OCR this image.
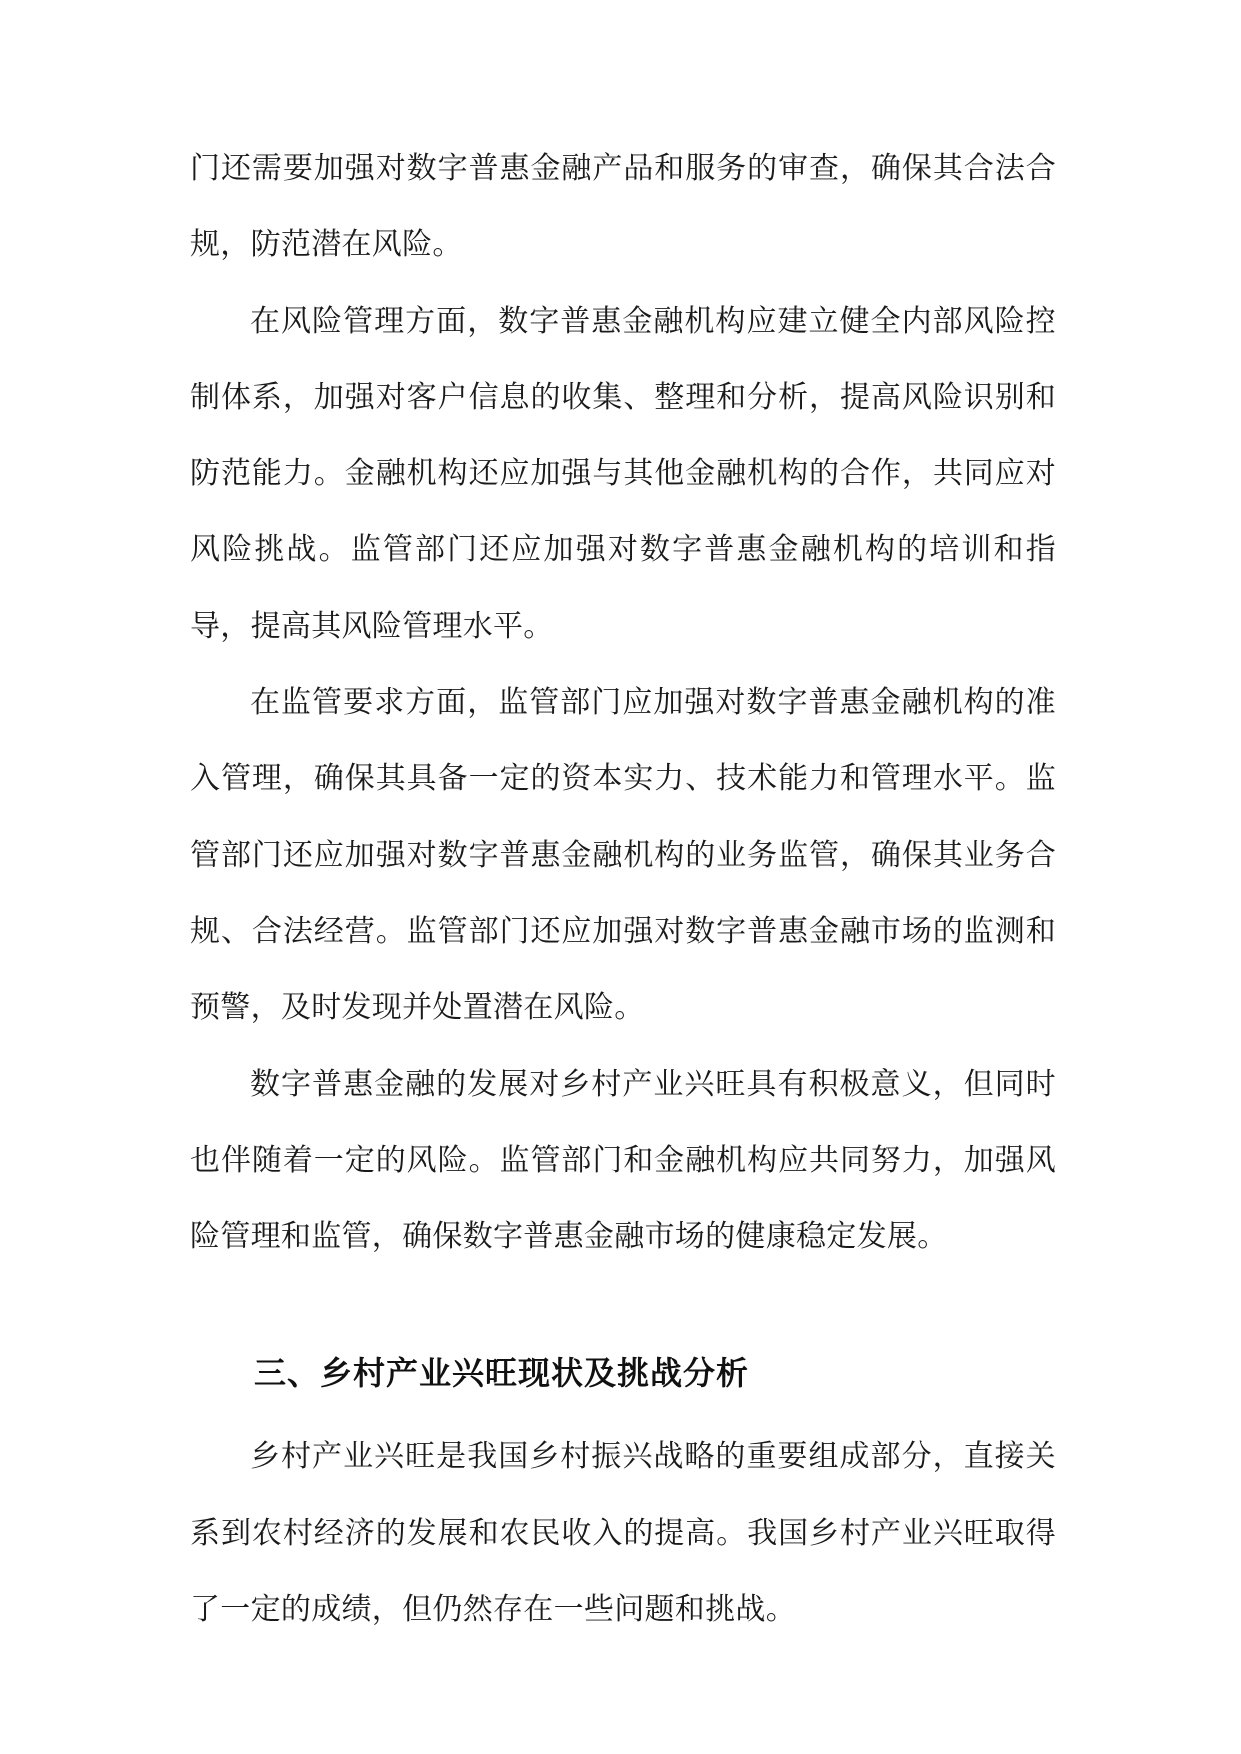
门还需要加强对数字普惠金融产品和服务的审查，确保其合法合规，防范潜在风险。

在风险管理方面，数字普惠金融机构应建立健全内部风险控制体系，加强对客户信息的收集、整理和分析，提高风险识别和防范能力。金融机构还应加强与其他金融机构的合作，共同应对风险挑战。监管部门还应加强对数字普惠金融机构的培训和指导，提高其风险管理水平。

在监管要求方面，监管部门应加强对数字普惠金融机构的准入管理，确保其具备一定的资本实力、技术能力和管理水平。监管部门还应加强对数字普惠金融机构的业务监管，确保其业务合规、合法经营。监管部门还应加强对数字普惠金融市场的监测和预警，及时发现并处置潜在风险。

数字普惠金融的发展对乡村产业兴旺具有积极意义，但同时也伴随着一定的风险。监管部门和金融机构应共同努力，加强风险管理和监管，确保数字普惠金融市场的健康稳定发展。

三、乡村产业兴旺现状及挑战分析

乡村产业兴旺是我国乡村振兴战略的重要组成部分，直接关系到农村经济的发展和农民收入的提高。我国乡村产业兴旺取得了一定的成绩，但仍然存在一些问题和挑战。
